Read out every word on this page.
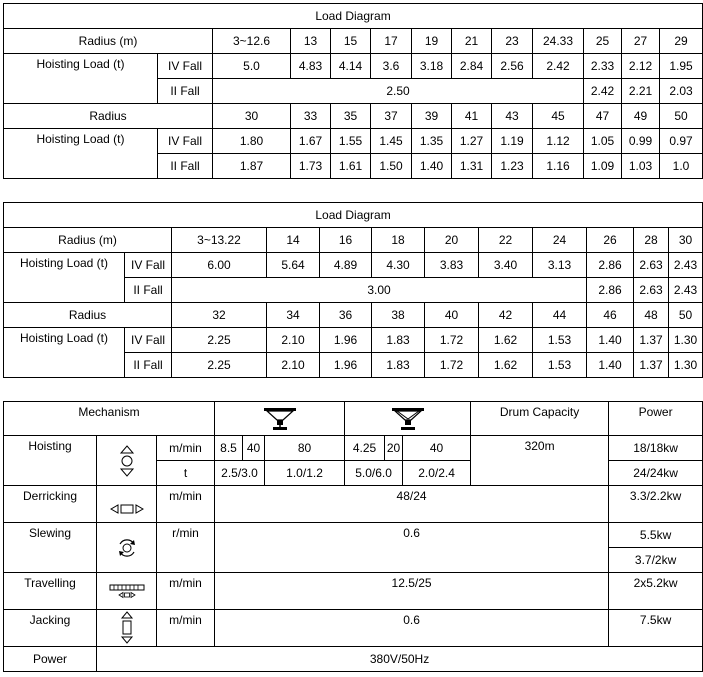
Load Diagram												
Radius (m)		3~12.6	13	15	17	19	21	23	24.33	25	27	29
Hoisting Load (t)	IV Fall	5.0	4.83	4.14	3.6	3.18	2.84	2.56	2.42	2.33	2.12	1.95
	II Fall	2.50								2.42	2.21	2.03
Radius		30	33	35	37	39	41	43	45	47	49	50
Hoisting Load (t)	IV Fall	1.80	1.67	1.55	1.45	1.35	1.27	1.19	1.12	1.05	0.99	0.97
	II Fall	1.87	1.73	1.61	1.50	1.40	1.31	1.23	1.16	1.09	1.03	1.0
Load Diagram											
Radius (m)		3~13.22	14	16	18	20	22	24	26	28	30
Hoisting Load (t)	IV Fall	6.00	5.64	4.89	4.30	3.83	3.40	3.13	2.86	2.63	2.43
	II Fall	3.00							2.86	2.63	2.43
Radius		32	34	36	38	40	42	44	46	48	50
Hoisting Load (t)	IV Fall	2.25	2.10	1.96	1.83	1.72	1.62	1.53	1.40	1.37	1.30
	II Fall	2.25	2.10	1.96	1.83	1.72	1.62	1.53	1.40	1.37	1.30
Mechanism									Drum Capacity	Power
Hoisting		m/min	8.5	40	80	4.25	20	40	320m	18/18kw
		t	2.5/3.0		1.0/1.2	5.0/6.0		2.0/2.4		24/24kw
Derricking		m/min	48/24							3.3/2.2kw
Slewing		r/min	0.6							5.5kw
										3.7/2kw
Travelling		m/min	12.5/25							2x5.2kw
Jacking		m/min	0.6							7.5kw
Power	380V/50Hz									
